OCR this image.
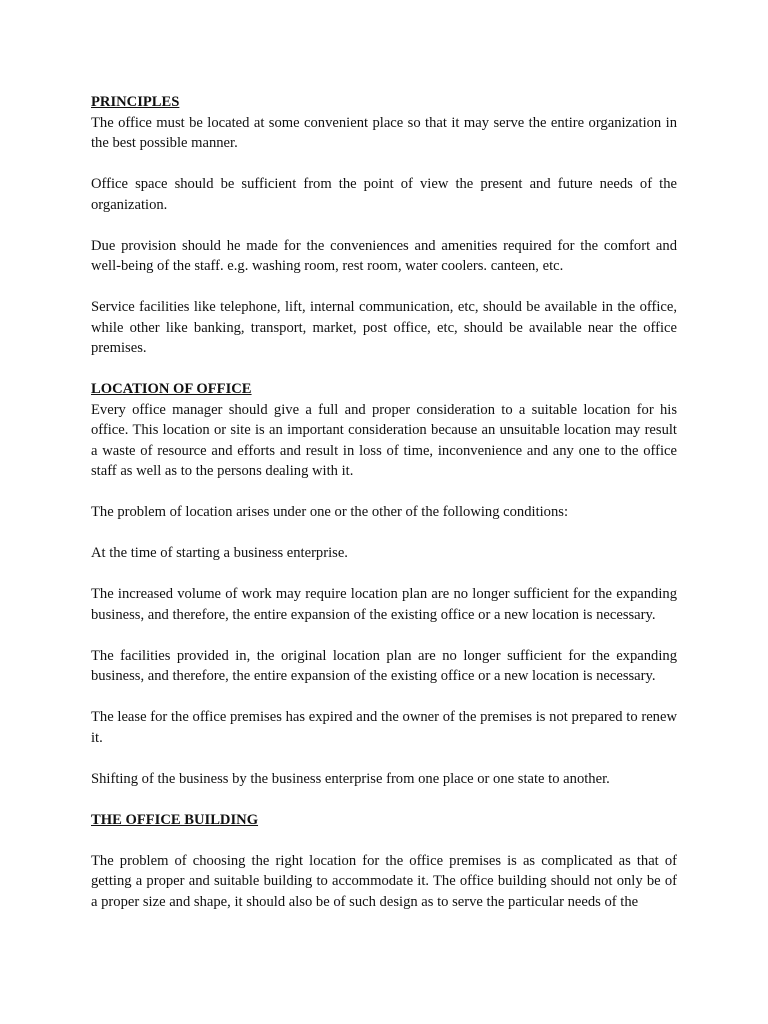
PRINCIPLES

The office must be located at some convenient place so that it may serve the entire organization in the best possible manner.

Office space should be sufficient from the point of view the present and future needs of the organization.

Due provision should he made for the conveniences and amenities required for the comfort and well-being of the staff. e.g. washing room, rest room, water coolers. canteen, etc.

Service facilities like telephone, lift, internal communication, etc, should be available in the office, while other like banking, transport, market, post office, etc, should be available near the office premises.

LOCATION OF OFFICE

Every office manager should give a full and proper consideration to a suitable location for his office. This location or site is an important consideration because an unsuitable location may result a waste of resource and efforts and result in loss of time, inconvenience and any one to the office staff as well as to the persons dealing with it.

The problem of location arises under one or the other of the following conditions:

At the time of starting a business enterprise.

The increased volume of work may require location plan are no longer sufficient for the expanding business, and therefore, the entire expansion of the existing office or a new location is necessary.

The facilities provided in, the original location plan are no longer sufficient for the expanding business, and therefore, the entire expansion of the existing office or a new location is necessary.

The lease for the office premises has expired and the owner of the premises is not prepared to renew it.

Shifting of the business by the business enterprise from one place or one state to another.

THE OFFICE BUILDING

The problem of choosing the right location for the office premises is as complicated as that of getting a proper and suitable building to accommodate it. The office building should not only be of a proper size and shape, it should also be of such design as to serve the particular needs of the
